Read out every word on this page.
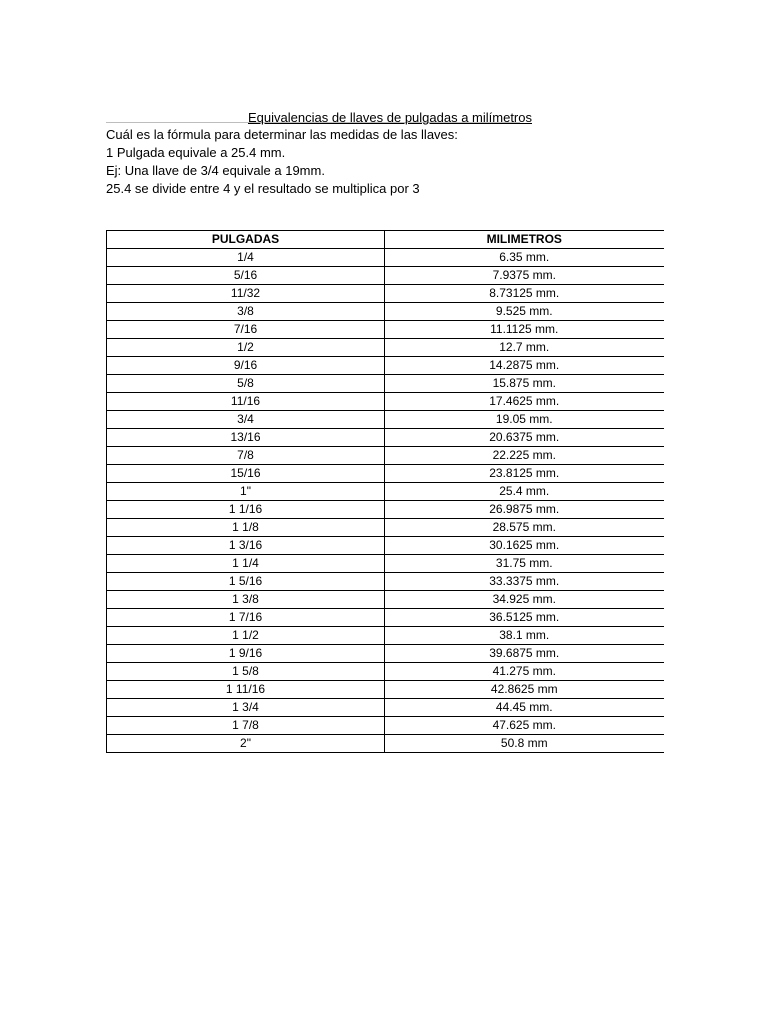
Equivalencias de llaves de pulgadas a milímetros
Cuál es la fórmula para determinar las medidas de las llaves:
1 Pulgada equivale a 25.4 mm.
Ej: Una llave de 3/4 equivale a 19mm.
25.4 se divide entre 4 y el resultado se multiplica por 3
PULGADAS	MILIMETROS
1/4	6.35 mm.
5/16	7.9375 mm.
11/32	8.73125 mm.
3/8	9.525 mm.
7/16	11.1125 mm.
1/2	12.7 mm.
9/16	14.2875 mm.
5/8	15.875 mm.
11/16	17.4625 mm.
3/4	19.05 mm.
13/16	20.6375 mm.
7/8	22.225 mm.
15/16	23.8125 mm.
1"	25.4 mm.
1 1/16	26.9875 mm.
1 1/8	28.575 mm.
1 3/16	30.1625 mm.
1 1/4	31.75 mm.
1 5/16	33.3375 mm.
1 3/8	34.925 mm.
1 7/16	36.5125 mm.
1 1/2	38.1 mm.
1 9/16	39.6875 mm.
1 5/8	41.275 mm.
1 11/16	42.8625 mm
1 3/4	44.45 mm.
1 7/8	47.625 mm.
2"	50.8 mm
